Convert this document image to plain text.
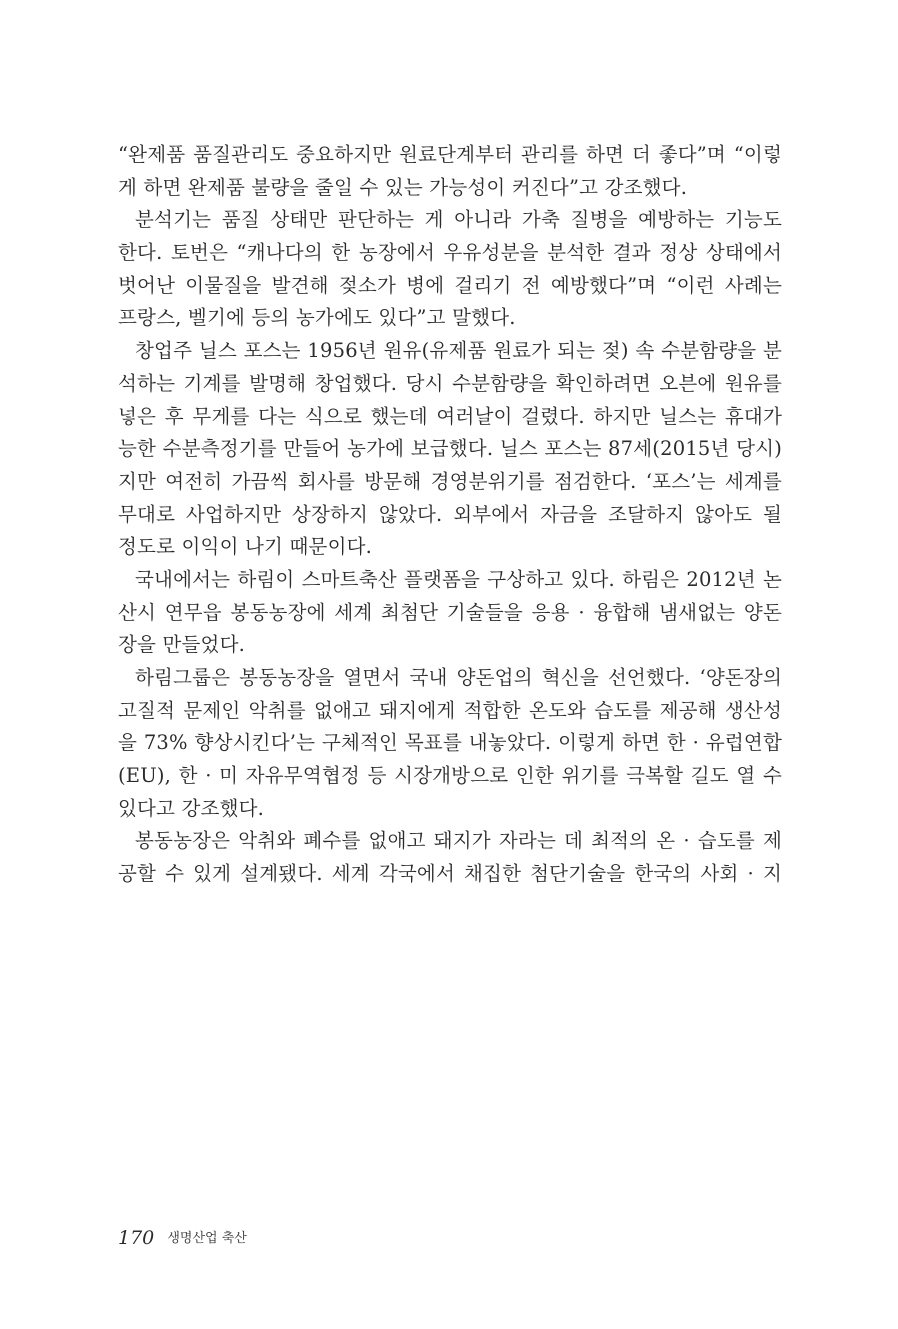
“완제품 품질관리도 중요하지만 원료단계부터 관리를 하면 더 좋다”며 “이렇
게 하면 완제품 불량을 줄일 수 있는 가능성이 커진다”고 강조했다.
분석기는 품질 상태만 판단하는 게 아니라 가축 질병을 예방하는 기능도
한다. 토번은 “캐나다의 한 농장에서 우유성분을 분석한 결과 정상 상태에서
벗어난 이물질을 발견해 젖소가 병에 걸리기 전 예방했다”며 “이런 사례는
프랑스, 벨기에 등의 농가에도 있다”고 말했다.
창업주 닐스 포스는 1956년 원유(유제품 원료가 되는 젖) 속 수분함량을 분
석하는 기계를 발명해 창업했다. 당시 수분함량을 확인하려면 오븐에 원유를
넣은 후 무게를 다는 식으로 했는데 여러날이 걸렸다. 하지만 닐스는 휴대가
능한 수분측정기를 만들어 농가에 보급했다. 닐스 포스는 87세(2015년 당시)
지만 여전히 가끔씩 회사를 방문해 경영분위기를 점검한다. ‘포스’는 세계를
무대로 사업하지만 상장하지 않았다. 외부에서 자금을 조달하지 않아도 될
정도로 이익이 나기 때문이다.
국내에서는 하림이 스마트축산 플랫폼을 구상하고 있다. 하림은 2012년 논
산시 연무읍 봉동농장에 세계 최첨단 기술들을 응용 · 융합해 냄새없는 양돈
장을 만들었다.
하림그룹은 봉동농장을 열면서 국내 양돈업의 혁신을 선언했다. ‘양돈장의
고질적 문제인 악취를 없애고 돼지에게 적합한 온도와 습도를 제공해 생산성
을 73% 향상시킨다’는 구체적인 목표를 내놓았다. 이렇게 하면 한 · 유럽연합
(EU), 한 · 미 자유무역협정 등 시장개방으로 인한 위기를 극복할 길도 열 수
있다고 강조했다.
봉동농장은 악취와 폐수를 없애고 돼지가 자라는 데 최적의 온 · 습도를 제
공할 수 있게 설계됐다. 세계 각국에서 채집한 첨단기술을 한국의 사회 · 지
170 생명산업 축산
